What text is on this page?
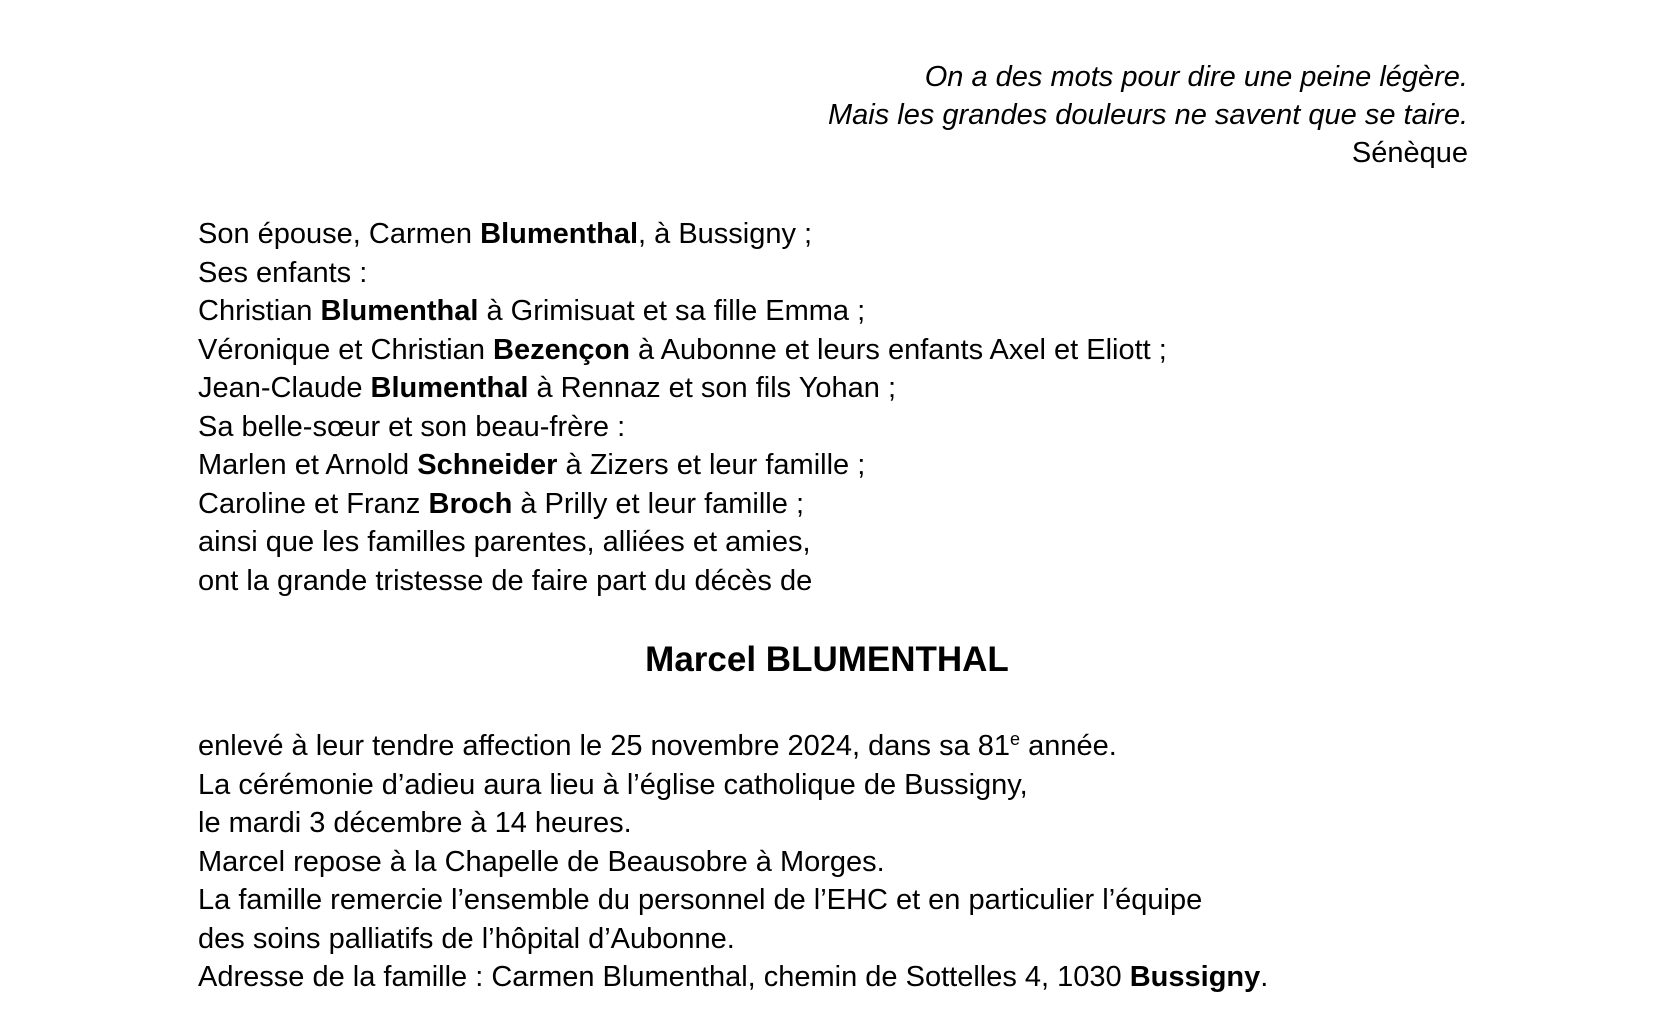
On a des mots pour dire une peine légère.
Mais les grandes douleurs ne savent que se taire.
Sénèque
Son épouse, Carmen Blumenthal, à Bussigny ;
Ses enfants :
Christian Blumenthal à Grimisuat et sa fille Emma ;
Véronique et Christian Bezençon à Aubonne et leurs enfants Axel et Eliott ;
Jean-Claude Blumenthal à Rennaz et son fils Yohan ;
Sa belle-sœur et son beau-frère :
Marlen et Arnold Schneider à Zizers et leur famille ;
Caroline et Franz Broch à Prilly et leur famille ;
ainsi que les familles parentes, alliées et amies,
ont la grande tristesse de faire part du décès de
Marcel BLUMENTHAL
enlevé à leur tendre affection le 25 novembre 2024, dans sa 81e année.
La cérémonie d’adieu aura lieu à l’église catholique de Bussigny,
le mardi 3 décembre à 14 heures.
Marcel repose à la Chapelle de Beausobre à Morges.
La famille remercie l’ensemble du personnel de l’EHC et en particulier l’équipe
des soins palliatifs de l’hôpital d’Aubonne.
Adresse de la famille : Carmen Blumenthal, chemin de Sottelles 4, 1030 Bussigny.
